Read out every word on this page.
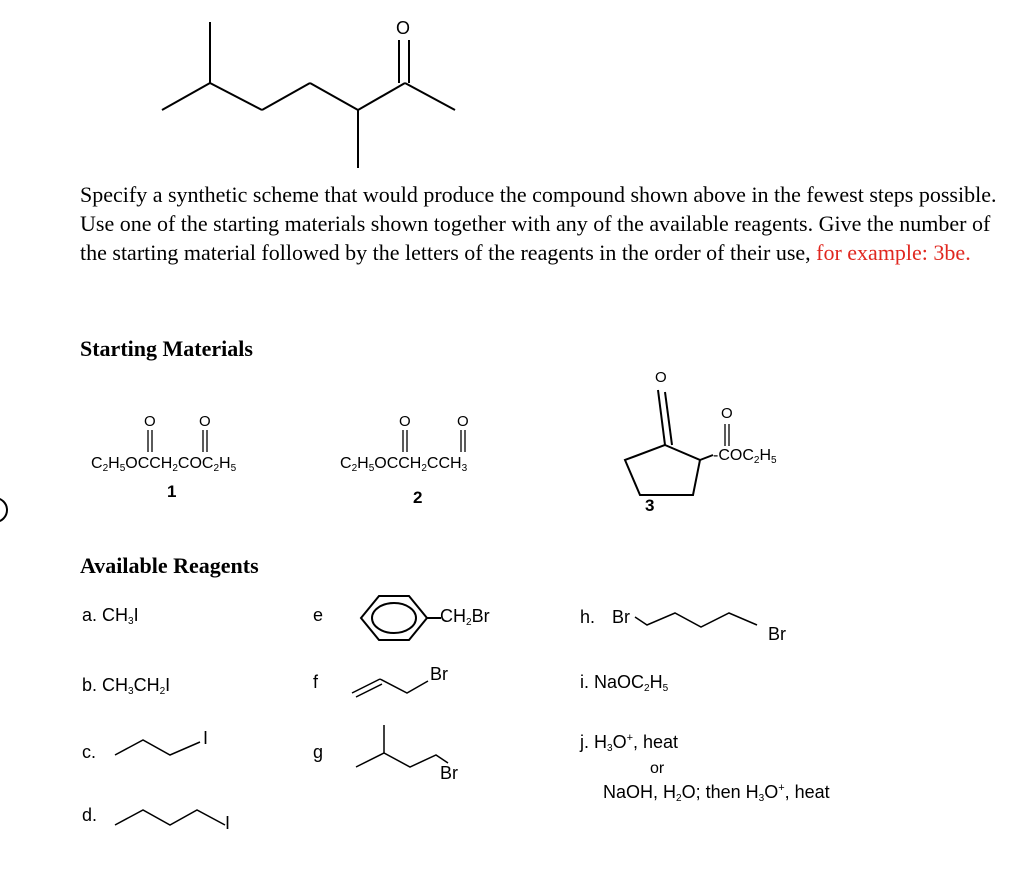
O
Specify a synthetic scheme that would produce the compound shown above in the fewest steps possible. Use one of the starting materials shown together with any of the available reagents. Give the number of the starting material followed by the letters of the reagents in the order of their use, for example: 3be.
Starting Materials
O	O
$C_2H_5OCCH_2COC_2H_5$
1
O	O
$C_2H_5OCCH_2CCH_3$
2
O
O
$-COC_2H_5$
3
Available Reagents
a. $CH_3I$
b. $CH_3CH_2I$
c.
I
d.	I
e	$CH_2Br$
f	Br
g
Br
h. Br
Br
i. $NaOC_2H_5$
j. $H_3O^+$, heat
or
NaOH, $H_2O$; then $H_3O^+$, heat
